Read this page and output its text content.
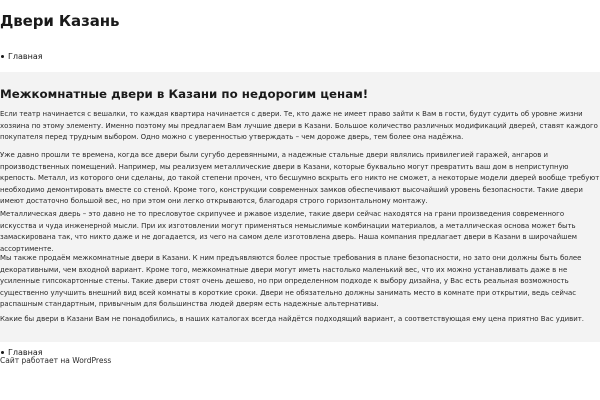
Двери Казань
Главная
Межкомнатные двери в Казани по недорогим ценам!

Если театр начинается с вешалки, то каждая квартира начинается с двери. Те, кто даже не имеет право зайти к Вам в гости, будут судить об уровне жизни хозяина по этому элементу. Именно поэтому мы предлагаем Вам лучшие двери в Казани. Большое количество различных модификаций дверей, ставят каждого покупателя перед трудным выбором. Одно можно с уверенностью утверждать – чем дороже дверь, тем более она надёжна.

Уже давно прошли те времена, когда все двери были сугубо деревянными, а надежные стальные двери являлись привилегией гаражей, ангаров и производственных помещений. Например, мы реализуем металлические двери в Казани, которые буквально могут превратить ваш дом в неприступную крепость. Металл, из которого они сделаны, до такой степени прочен, что бесшумно вскрыть его никто не сможет, а некоторые модели дверей вообще требуют необходимо демонтировать вместе со стеной. Кроме того, конструкции современных замков обеспечивают высочайший уровень безопасности. Такие двери имеют достаточно большой вес, но при этом они легко открываются, благодаря строго горизонтальному монтажу.

Металлическая дверь – это давно не то пресловутое скрипучее и ржавое изделие, такие двери сейчас находятся на грани произведения современного искусства и чуда инженерной мысли. При их изготовлении могут применяться немыслимые комбинации материалов, а металлическая основа может быть замаскирована так, что никто даже и не догадается, из чего на самом деле изготовлена дверь. Наша компания предлагает двери в Казани в широчайшем ассортименте.

Мы также продаём межкомнатные двери в Казани. К ним предъявляются более простые требования в плане безопасности, но зато они должны быть более декоративными, чем входной вариант. Кроме того, межкомнатные двери могут иметь настолько маленький вес, что их можно устанавливать даже в не усиленные гипсокартонные стены. Такие двери стоят очень дешево, но при определенном подходе к выбору дизайна, у Вас есть реальная возможность существенно улучшить внешний вид всей комнаты в короткие сроки. Двери не обязательно должны занимать место в комнате при открытии, ведь сейчас распашным стандартным, привычным для большинства людей дверям есть надежные альтернативы.

Какие бы двери в Казани Вам не понадобились, в наших каталогах всегда найдётся подходящий вариант, а соответствующая ему цена приятно Вас удивит.

Главная
Сайт работает на WordPress
